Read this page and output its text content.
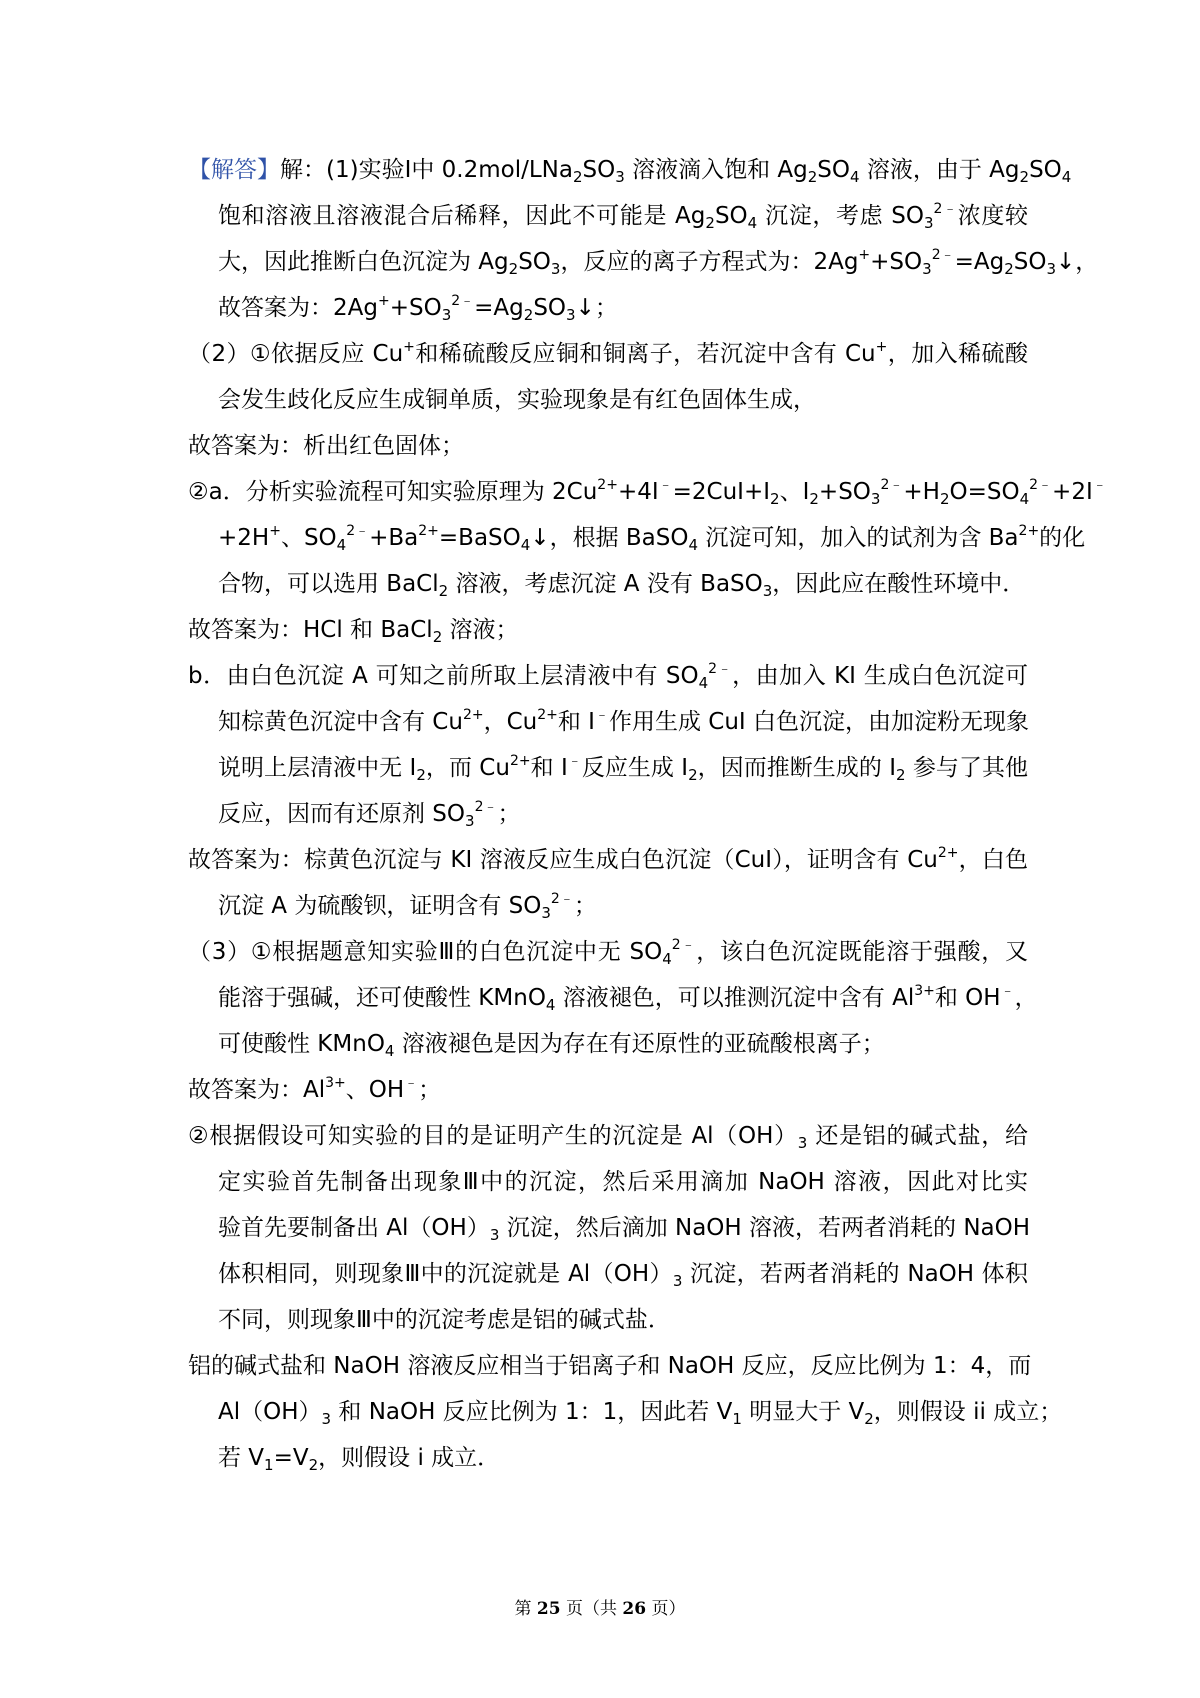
【解答】解：(1)实验Ⅰ中 $0.2mol/LNa_2SO_3$ 溶液滴入饱和 $Ag_2SO_4$ 溶液，由于 $Ag_2SO_4$
饱和溶液且溶液混合后稀释，因此不可能是 $Ag_2SO_4$ 沉淀，考虑 $SO_3^{2﹣}$浓度较
大，因此推断白色沉淀为 $Ag_2SO_3$，反应的离子方程式为：$2Ag^++SO_3^{2﹣}=Ag_2SO_3↓$，
故答案为：$2Ag^++SO_3^{2﹣}=Ag_2SO_3↓$；
（2）①依据反应 Cu+和稀硫酸反应铜和铜离子，若沉淀中含有 Cu+，加入稀硫酸
会发生歧化反应生成铜单质，实验现象是有红色固体生成，
故答案为：析出红色固体；
②a．分析实验流程可知实验原理为 $2Cu^{2+}+4I^﹣=2CuI+I_2$、$I_2+SO_3^{2﹣}+H_2O=SO_4^{2﹣}+2I^﹣$
+2H+、$SO_4^{2﹣}+Ba^{2+}=BaSO_4↓$，根据 BaSO$_4$ 沉淀可知，加入的试剂为含 $Ba^{2+}$的化
合物，可以选用 BaCl$_2$ 溶液，考虑沉淀 A 没有 BaSO$_3$，因此应在酸性环境中．
故答案为：HCl 和 BaCl$_2$ 溶液；
b．由白色沉淀 A 可知之前所取上层清液中有 $SO_4^{2﹣}$，由加入 KI 生成白色沉淀可
知棕黄色沉淀中含有 $Cu^{2+}$，$Cu^{2+}$和 I﹣作用生成 CuI 白色沉淀，由加淀粉无现象
说明上层清液中无 $I_2$，而 $Cu^{2+}$和 I﹣反应生成 $I_2$，因而推断生成的 $I_2$ 参与了其他
反应，因而有还原剂 $SO_3^{2﹣}$；
故答案为：棕黄色沉淀与 KI 溶液反应生成白色沉淀（CuI），证明含有 $Cu^{2+}$，白色
沉淀 A 为硫酸钡，证明含有 $SO_3^{2﹣}$；
（3）①根据题意知实验Ⅲ的白色沉淀中无 $SO_4^{2﹣}$，该白色沉淀既能溶于强酸，又
能溶于强碱，还可使酸性 KMnO$_4$ 溶液褪色，可以推测沉淀中含有 $Al^{3+}$和 OH﹣，
可使酸性 KMnO$_4$ 溶液褪色是因为存在有还原性的亚硫酸根离子；
故答案为：$Al^{3+}$、OH﹣；
②根据假设可知实验的目的是证明产生的沉淀是 $Al(OH)_3$ 还是铝的碱式盐，给
定实验首先制备出现象Ⅲ中的沉淀，然后采用滴加 NaOH 溶液，因此对比实
验首先要制备出 $Al(OH)_3$ 沉淀，然后滴加 NaOH 溶液，若两者消耗的 NaOH
体积相同，则现象Ⅲ中的沉淀就是 $Al(OH)_3$ 沉淀，若两者消耗的 NaOH 体积
不同，则现象Ⅲ中的沉淀考虑是铝的碱式盐．
铝的碱式盐和 NaOH 溶液反应相当于铝离子和 NaOH 反应，反应比例为 1：4，而
$Al(OH)_3$ 和 NaOH 反应比例为 1：1，因此若 $V_1$ 明显大于 $V_2$，则假设 ii 成立；
若 $V_1=V_2$，则假设 i 成立．
第 25 页（共 26 页）
